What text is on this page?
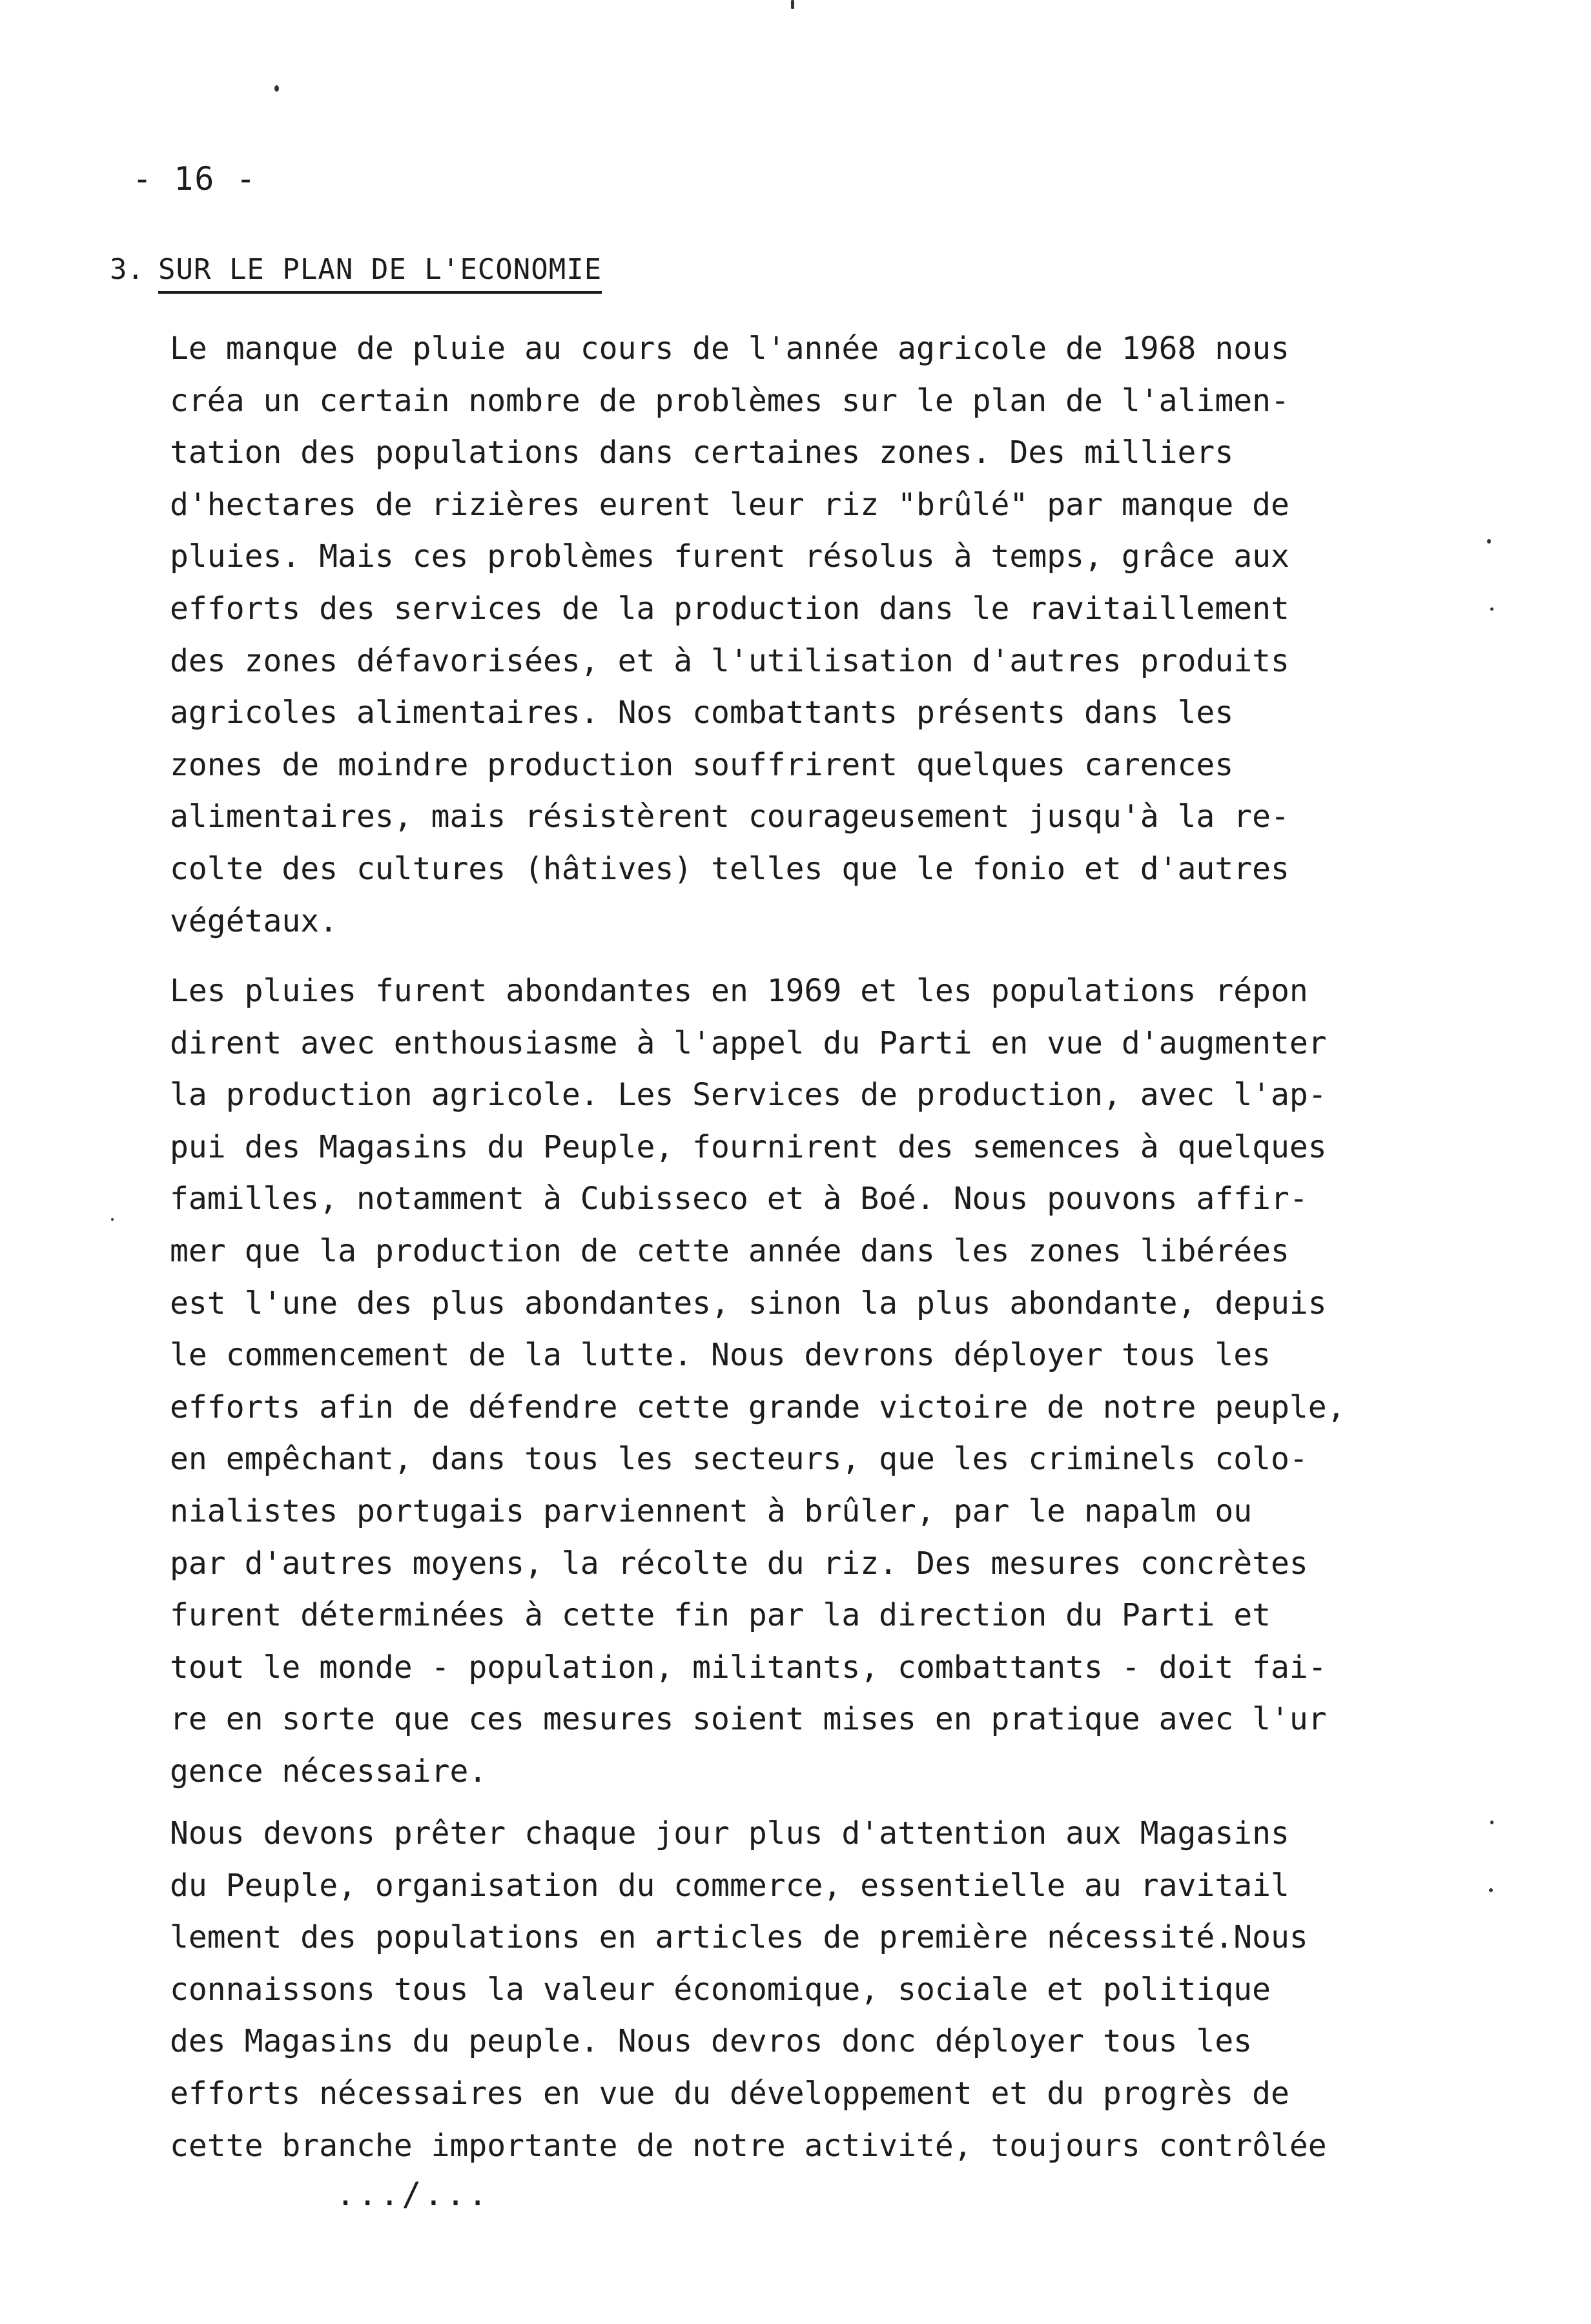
- 16 -
3. SUR LE PLAN DE L'ECONOMIE
Le manque de pluie au cours de l'année agricole de 1968 nous
créa un certain nombre de problèmes sur le plan de l'alimen-
tation des populations dans certaines zones. Des milliers
d'hectares de rizières eurent leur riz "brûlé" par manque de
pluies. Mais ces problèmes furent résolus à temps, grâce aux
efforts des services de la production dans le ravitaillement
des zones défavorisées, et à l'utilisation d'autres produits
agricoles alimentaires. Nos combattants présents dans les
zones de moindre production souffrirent quelques carences
alimentaires, mais résistèrent courageusement jusqu'à la re-
colte des cultures (hâtives) telles que le fonio et d'autres
végétaux.
Les pluies furent abondantes en 1969 et les populations répon
dirent avec enthousiasme à l'appel du Parti en vue d'augmenter
la production agricole. Les Services de production, avec l'ap-
pui des Magasins du Peuple, fournirent des semences à quelques
familles, notamment à Cubisseco et à Boé. Nous pouvons affir-
mer que la production de cette année dans les zones libérées
est l'une des plus abondantes, sinon la plus abondante, depuis
le commencement de la lutte. Nous devrons déployer tous les
efforts afin de défendre cette grande victoire de notre peuple,
en empêchant, dans tous les secteurs, que les criminels colo-
nialistes portugais parviennent à brûler, par le napalm ou
par d'autres moyens, la récolte du riz. Des mesures concrètes
furent déterminées à cette fin par la direction du Parti et
tout le monde - population, militants, combattants - doit fai-
re en sorte que ces mesures soient mises en pratique avec l'ur
gence nécessaire.
Nous devons prêter chaque jour plus d'attention aux Magasins
du Peuple, organisation du commerce, essentielle au ravitail
lement des populations en articles de première nécessité.Nous
connaissons tous la valeur économique, sociale et politique
des Magasins du peuple. Nous devros donc déployer tous les
efforts nécessaires en vue du développement et du progrès de
cette branche importante de notre activité, toujours contrôlée
.../...
